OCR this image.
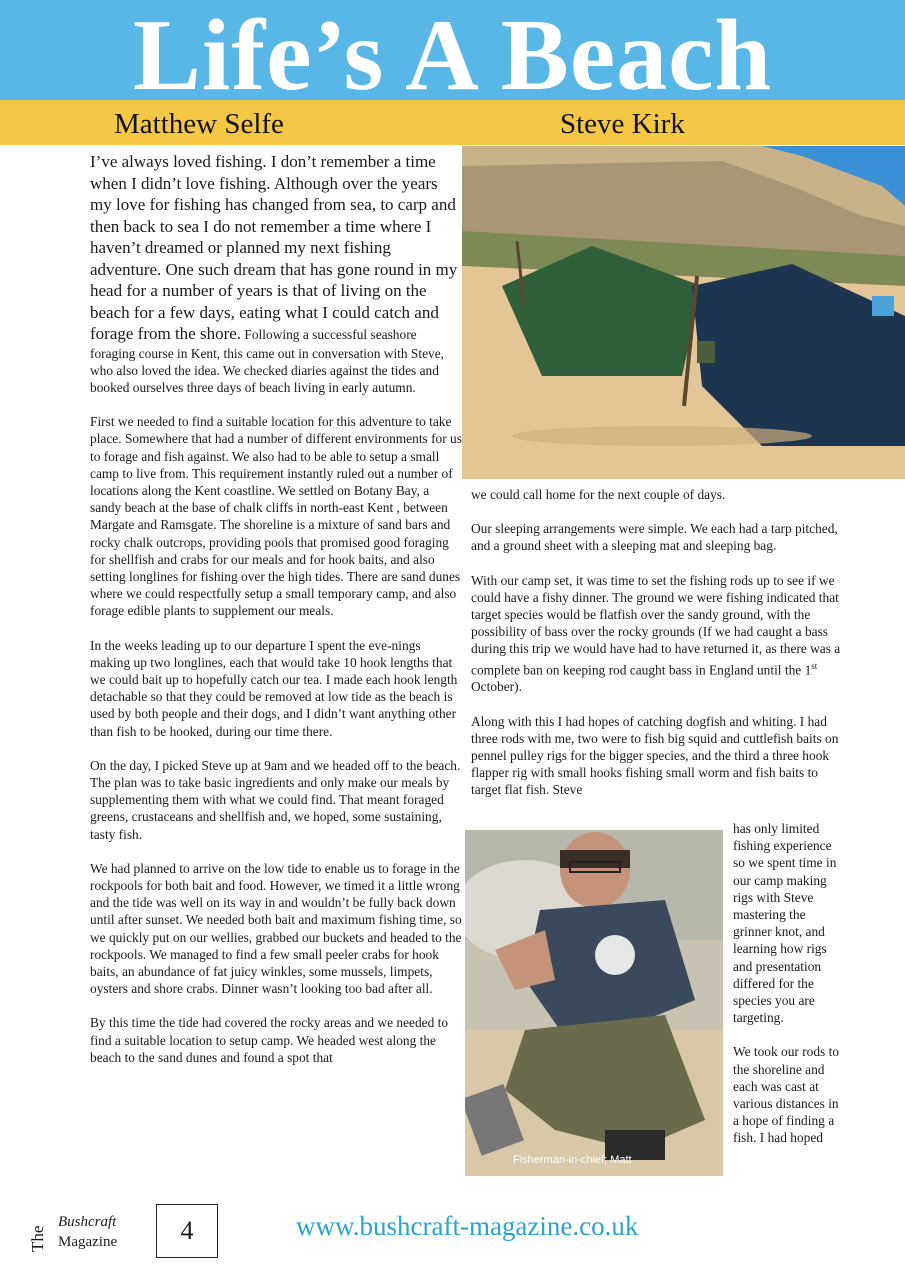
Life’s A Beach
Matthew Selfe	Steve Kirk

I’ve always loved fishing. I don’t remember a time when I didn’t love fishing. Although over the years my love for fishing has changed from sea, to carp and then back to sea I do not remember a time where I haven’t dreamed or planned my next fishing adventure. One such dream that has gone round in my head for a number of years is that of living on the beach for a few days, eating what I could catch and forage from the shore. Following a successful seashore foraging course in Kent, this came out in conversation with Steve, who also loved the idea. We checked diaries against the tides and booked ourselves three days of beach living in early autumn.

First we needed to find a suitable location for this adventure to take place. Somewhere that had a number of different environments for us to forage and fish against. We also had to be able to setup a small camp to live from. This requirement instantly ruled out a number of locations along the Kent coastline. We settled on Botany Bay, a sandy beach at the base of chalk cliffs in north-east Kent , between Margate and Ramsgate. The shoreline is a mixture of sand bars and rocky chalk outcrops, providing pools that promised good foraging for shellfish and crabs for our meals and for hook baits, and also setting longlines for fishing over the high tides. There are sand dunes where we could respectfully setup a small temporary camp, and also forage edible plants to supplement our meals.

In the weeks leading up to our departure I spent the eve-nings making up two longlines, each that would take 10 hook lengths that we could bait up to hopefully catch our tea. I made each hook length detachable so that they could be removed at low tide as the beach is used by both people and their dogs, and I didn’t want anything other than fish to be hooked, during our time there.

On the day, I picked Steve up at 9am and we headed off to the beach. The plan was to take basic ingredients and only make our meals by supplementing them with what we could find. That meant foraged greens, crustaceans and shellfish and, we hoped, some sustaining, tasty fish.

We had planned to arrive on the low tide to enable us to forage in the rockpools for both bait and food. However, we timed it a little wrong and the tide was well on its way in and wouldn’t be fully back down until after sunset. We needed both bait and maximum fishing time, so we quickly put on our wellies, grabbed our buckets and headed to the rockpools. We managed to find a few small peeler crabs for hook baits, an abundance of fat juicy winkles, some mussels, limpets, oysters and shore crabs. Dinner wasn’t looking too bad after all.

By this time the tide had covered the rocky areas and we needed to find a suitable location to setup camp. We headed west along the beach to the sand dunes and found a spot that

we could call home for the next couple of days.

Our sleeping arrangements were simple. We each had a tarp pitched, and a ground sheet with a sleeping mat and sleeping bag.

With our camp set, it was time to set the fishing rods up to see if we could have a fishy dinner. The ground we were fishing indicated that target species would be flatfish over the sandy ground, with the possibility of bass over the rocky grounds (If we had caught a bass during this trip we would have had to have returned it, as there was a complete ban on keeping rod caught bass in England until the 1st October).

Along with this I had hopes of catching dogfish and whiting. I had three rods with me, two were to fish big squid and cuttlefish baits on pennel pulley rigs for the bigger species, and the third a three hook flapper rig with small hooks fishing small worm and fish baits to target flat fish. Steve

Fisherman-in-chief; Matt

has only limited fishing experience so we spent time in our camp making rigs with Steve mastering the grinner knot, and learning how rigs and presentation differed for the species you are targeting.

We took our rods to the shoreline and each was cast at various distances in a hope of finding a fish. I had hoped

The
Bushcraft
Magazine	4	www.bushcraft-magazine.co.uk
